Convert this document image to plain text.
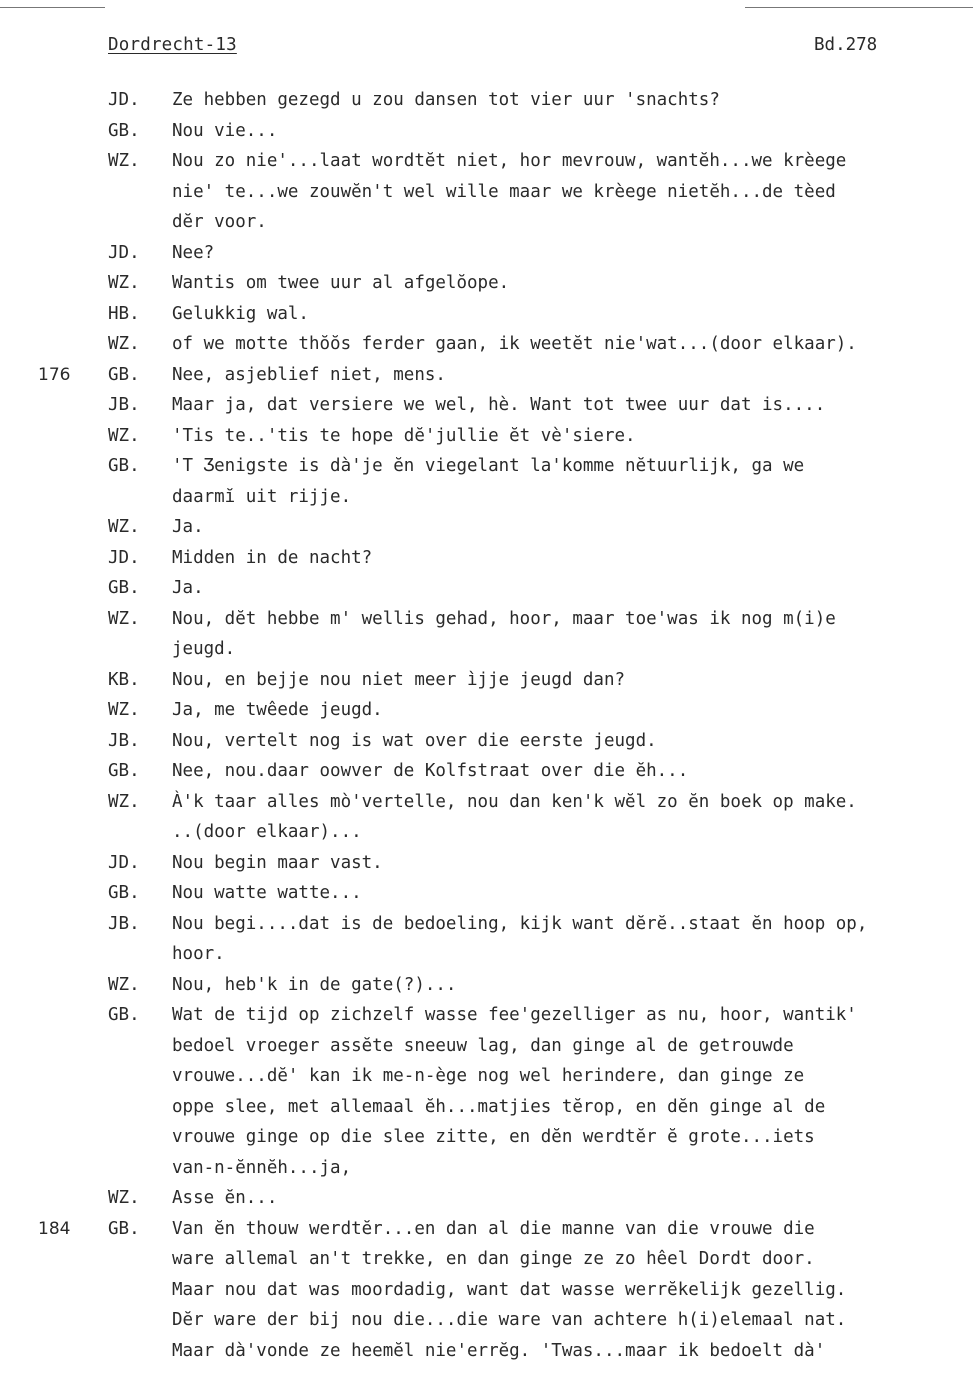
Dordrecht-13	Bd.278
JD. Ze hebben gezegd u zou dansen tot vier uur 'snachts?
GB. Nou vie...
WZ. Nou zo nie'...laat wordtĕt niet, hor mevrouw, wantĕh...we krèege
nie' te...we zouwĕn't wel wille maar we krèege nietĕh...de tèed
dĕr voor.
JD. Nee?
WZ. Wantis om twee uur al afgelŏope.
HB. Gelukkig wal.
WZ. of we motte thŏŏs ferder gaan, ik weetĕt nie'wat...(door elkaar).
176 GB. Nee, asjeblief niet, mens.
JB. Maar ja, dat versiere we wel, hè. Want tot twee uur dat is....
WZ. 'Tis te..'tis te hope dĕ'jullie ĕt vè'siere.
GB. 'T Ʒenigste is dà'je ĕn viegelant la'komme nĕtuurlijk, ga we
daarmĭ uit rijje.
WZ. Ja.
JD. Midden in de nacht?
GB. Ja.
WZ. Nou, dĕt hebbe m' wellis gehad, hoor, maar toe'was ik nog m(i)e
jeugd.
KB. Nou, en bejje nou niet meer ìjje jeugd dan?
WZ. Ja, me twêede jeugd.
JB. Nou, vertelt nog is wat over die eerste jeugd.
GB. Nee, nou.daar oowver de Kolfstraat over die ĕh...
WZ. À'k taar alles mò'vertelle, nou dan ken'k wĕl zo ĕn boek op make.
..(door elkaar)...
JD. Nou begin maar vast.
GB. Nou watte watte...
JB. Nou begi....dat is de bedoeling, kijk want dĕrĕ..staat ĕn hoop op,
hoor.
WZ. Nou, heb'k in de gate(?)...
GB. Wat de tijd op zichzelf wasse fee'gezelliger as nu, hoor, wantik'
bedoel vroeger assĕte sneeuw lag, dan ginge al de getrouwde
vrouwe...dĕ' kan ik me-n-ège nog wel herindere, dan ginge ze
oppe slee, met allemaal ĕh...matjies tĕrop, en dĕn ginge al de
vrouwe ginge op die slee zitte, en dĕn werdtĕr ĕ grote...iets
van-n-ĕnnĕh...ja,
WZ. Asse ĕn...
184 GB. Van ĕn thouw werdtĕr...en dan al die manne van die vrouwe die
ware allemal an't trekke, en dan ginge ze zo hêel Dordt door.
Maar nou dat was moordadig, want dat wasse werrĕkelijk gezellig.
Dĕr ware der bij nou die...die ware van achtere h(i)elemaal nat.
Maar dà'vonde ze heemĕl nie'errĕg. 'Twas...maar ik bedoelt dà'
